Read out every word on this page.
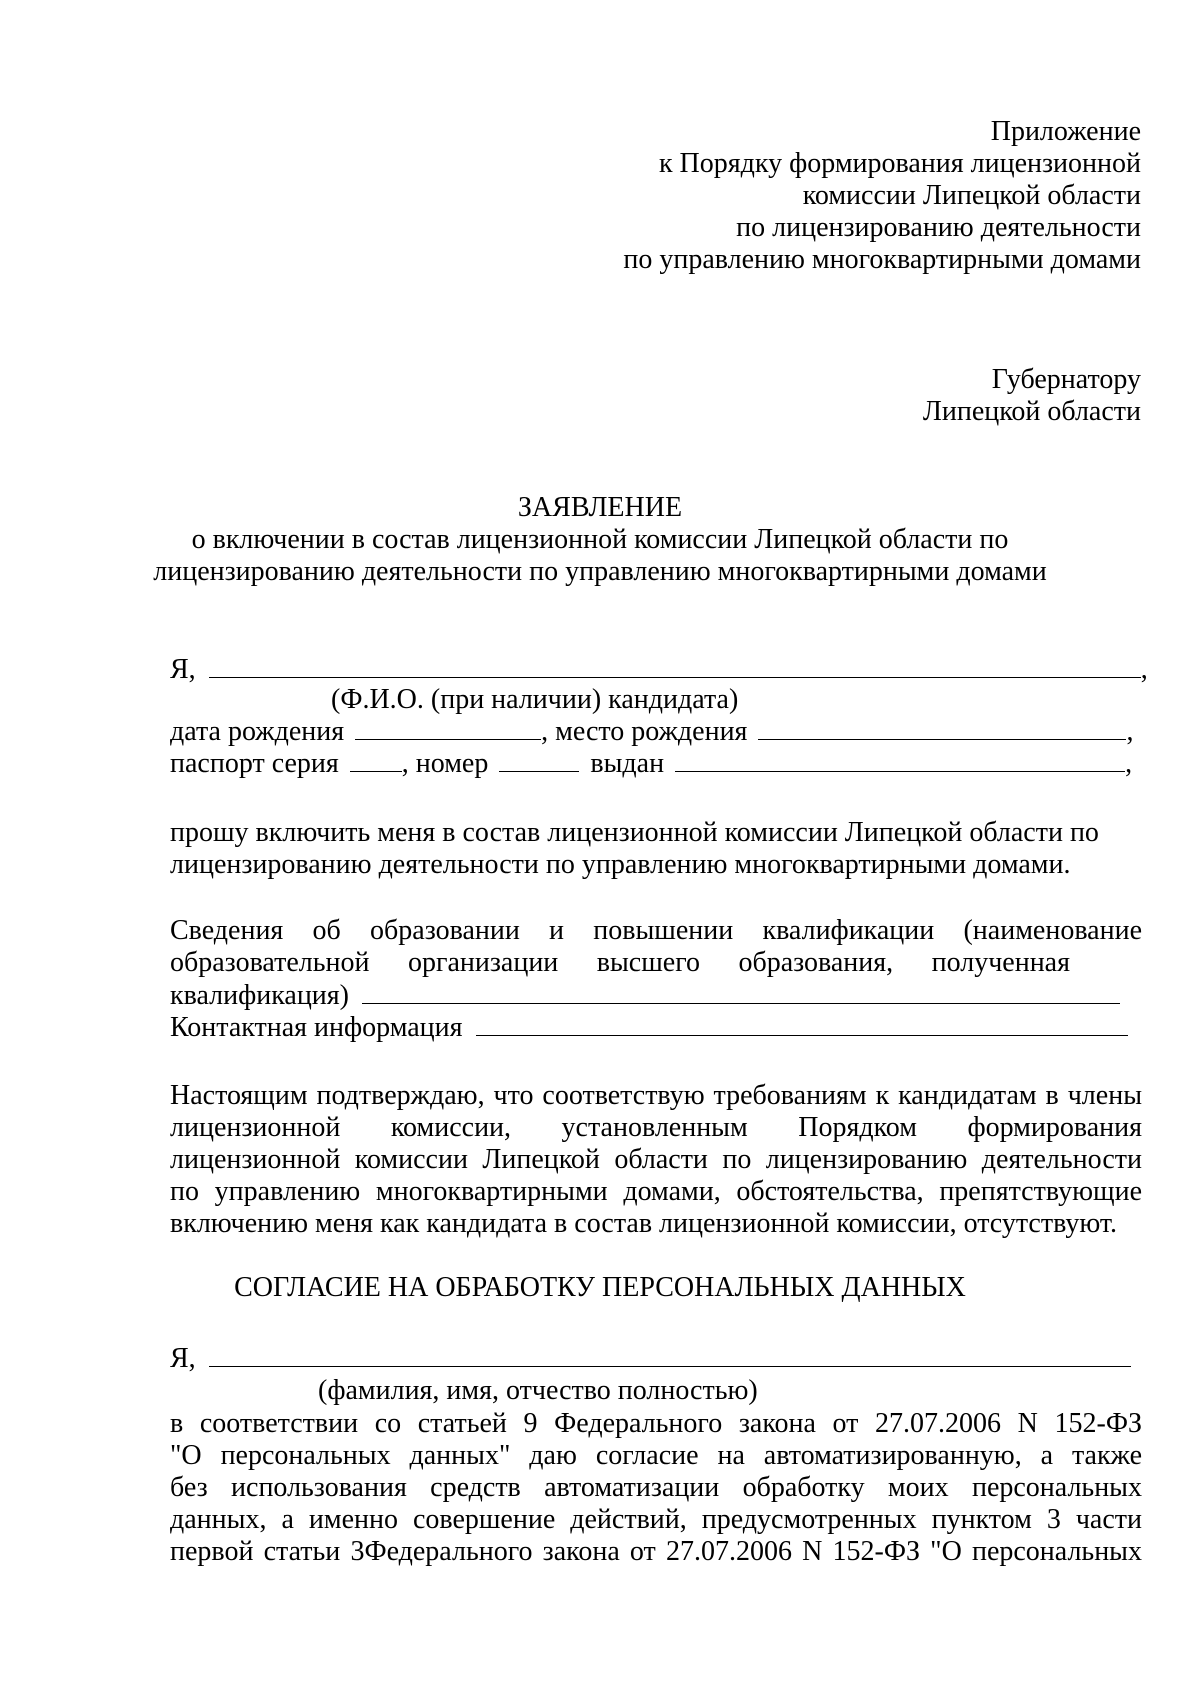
Приложение
к Порядку формирования лицензионной
комиссии Липецкой области
по лицензированию деятельности
по управлению многоквартирными домами
Губернатору
Липецкой области
ЗАЯВЛЕНИЕ
о включении в состав лицензионной комиссии Липецкой области по
лицензированию деятельности по управлению многоквартирными домами
Я,	,
(Ф.И.О. (при наличии) кандидата)
дата рождения	, место рождения	,
паспорт серия , номер	выдан	,
прошу включить меня в состав лицензионной комиссии Липецкой области по
лицензированию деятельности по управлению многоквартирными домами.
Сведения об образовании и повышении квалификации (наименование
образовательной организации высшего образования, полученная
квалификация)
Контактная информация
Настоящим подтверждаю, что соответствую требованиям к кандидатам в члены
лицензионной комиссии, установленным Порядком формирования
лицензионной комиссии Липецкой области по лицензированию деятельности
по управлению многоквартирными домами, обстоятельства, препятствующие
включению меня как кандидата в состав лицензионной комиссии, отсутствуют.
СОГЛАСИЕ НА ОБРАБОТКУ ПЕРСОНАЛЬНЫХ ДАННЫХ
Я,
(фамилия, имя, отчество полностью)
в соответствии со статьей 9 Федерального закона от 27.07.2006 N 152-ФЗ
"О персональных данных" даю согласие на автоматизированную, а также
без использования средств автоматизации обработку моих персональных
данных, а именно совершение действий, предусмотренных пунктом 3 части
первой статьи 3Федерального закона от 27.07.2006 N 152-ФЗ "О персональных
